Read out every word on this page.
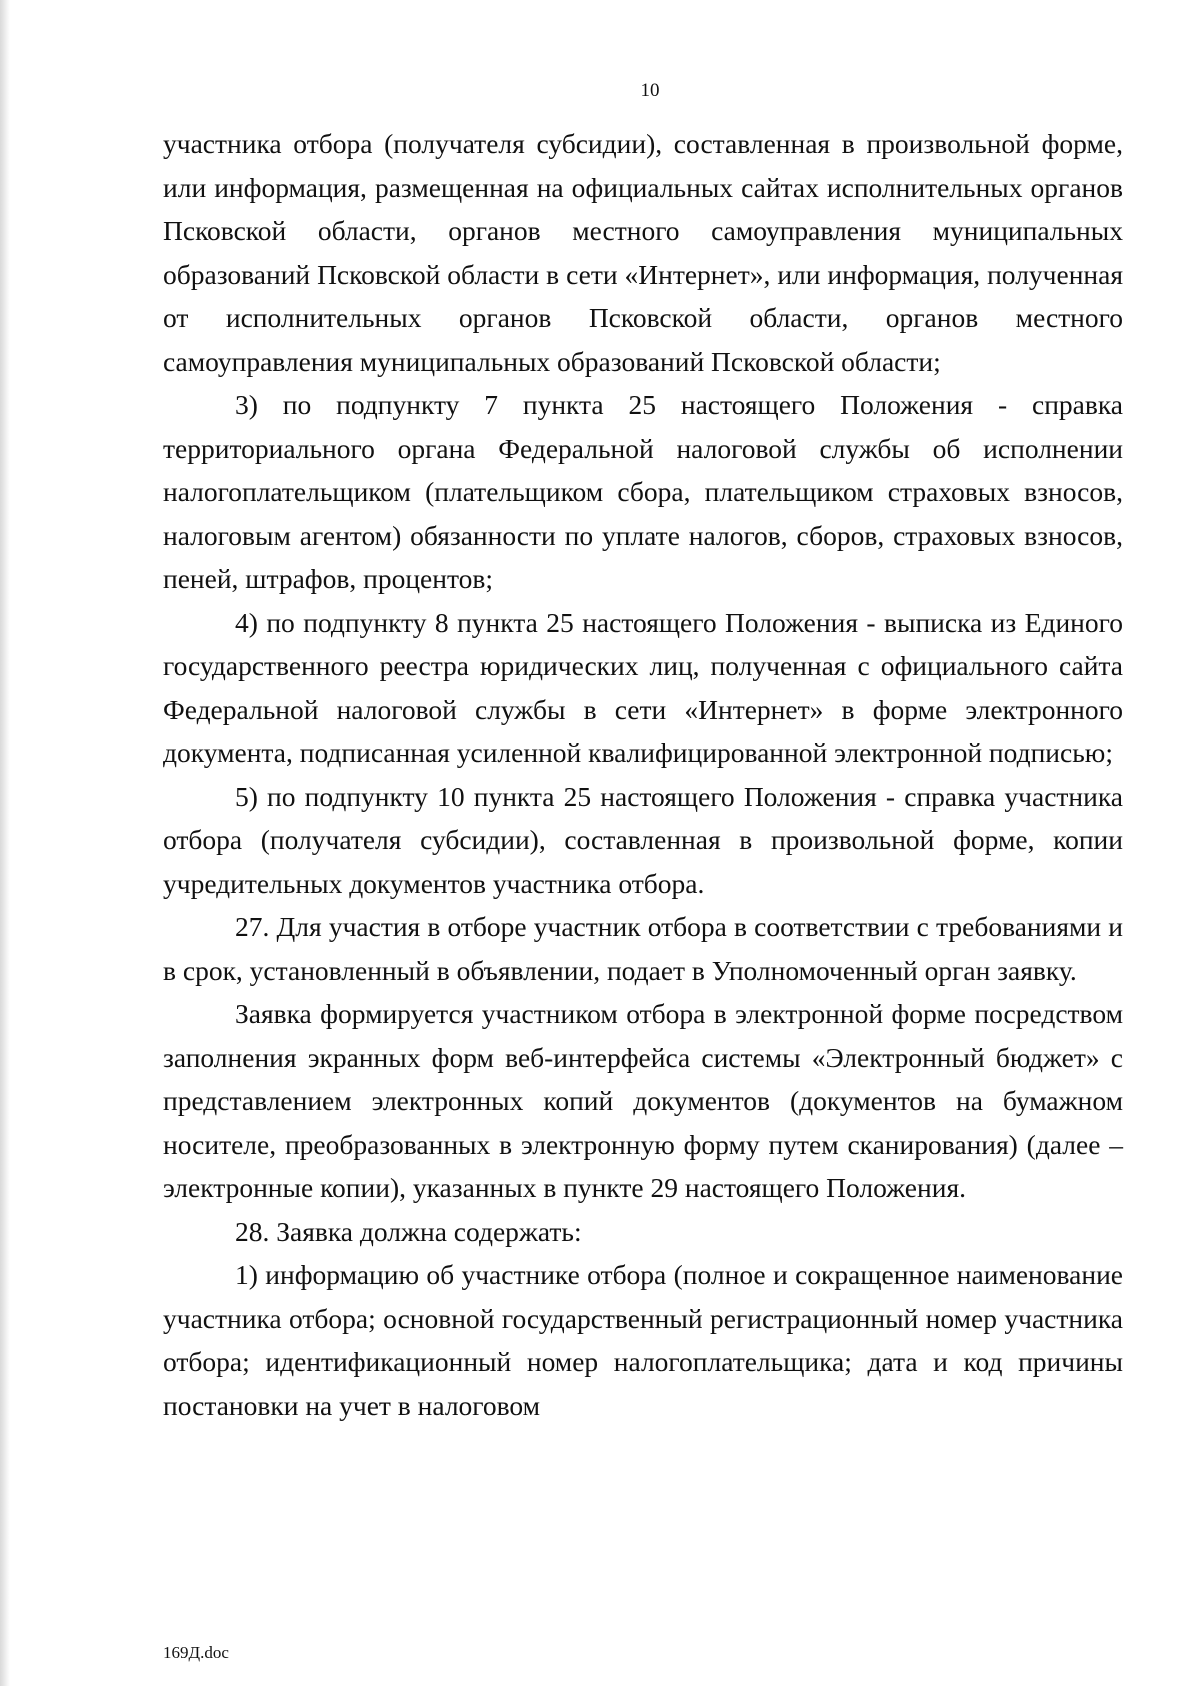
10

участника отбора (получателя субсидии), составленная в произвольной форме, или информация, размещенная на официальных сайтах исполнительных органов Псковской области, органов местного самоуправления муниципальных образований Псковской области в сети «Интернет», или информация, полученная от исполнительных органов Псковской области, органов местного самоуправления муниципальных образований Псковской области;

3) по подпункту 7 пункта 25 настоящего Положения - справка территориального органа Федеральной налоговой службы об исполнении налогоплательщиком (плательщиком сбора, плательщиком страховых взносов, налоговым агентом) обязанности по уплате налогов, сборов, страховых взносов, пеней, штрафов, процентов;

4) по подпункту 8 пункта 25 настоящего Положения - выписка из Единого государственного реестра юридических лиц, полученная с официального сайта Федеральной налоговой службы в сети «Интернет» в форме электронного документа, подписанная усиленной квалифицированной электронной подписью;

5) по подпункту 10 пункта 25 настоящего Положения - справка участника отбора (получателя субсидии), составленная в произвольной форме, копии учредительных документов участника отбора.

27. Для участия в отборе участник отбора в соответствии с требованиями и в срок, установленный в объявлении, подает в Уполномоченный орган заявку.

Заявка формируется участником отбора в электронной форме посредством заполнения экранных форм веб-интерфейса системы «Электронный бюджет» с представлением электронных копий документов (документов на бумажном носителе, преобразованных в электронную форму путем сканирования) (далее – электронные копии), указанных в пункте 29 настоящего Положения.

28. Заявка должна содержать:

1) информацию об участнике отбора (полное и сокращенное наименование участника отбора; основной государственный регистрационный номер участника отбора; идентификационный номер налогоплательщика; дата и код причины постановки на учет в налоговом

169Д.doc
